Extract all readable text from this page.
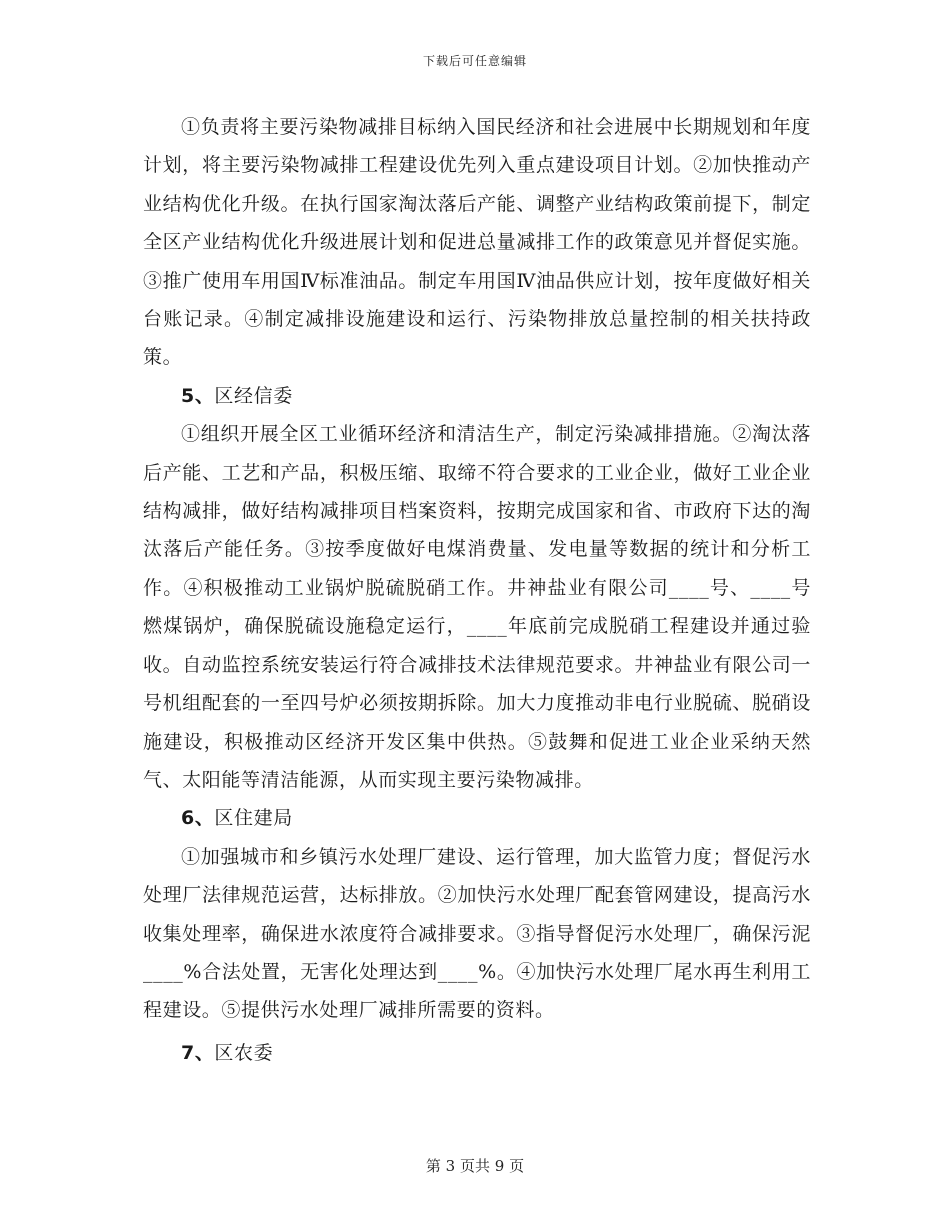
下载后可任意编辑

①负责将主要污染物减排目标纳入国民经济和社会进展中长期规划和年度计划，将主要污染物减排工程建设优先列入重点建设项目计划。②加快推动产业结构优化升级。在执行国家淘汰落后产能、调整产业结构政策前提下，制定全区产业结构优化升级进展计划和促进总量减排工作的政策意见并督促实施。③推广使用车用国Ⅳ标准油品。制定车用国Ⅳ油品供应计划，按年度做好相关台账记录。④制定减排设施建设和运行、污染物排放总量控制的相关扶持政策。

5、区经信委

①组织开展全区工业循环经济和清洁生产，制定污染减排措施。②淘汰落后产能、工艺和产品，积极压缩、取缔不符合要求的工业企业，做好工业企业结构减排，做好结构减排项目档案资料，按期完成国家和省、市政府下达的淘汰落后产能任务。③按季度做好电煤消费量、发电量等数据的统计和分析工作。④积极推动工业锅炉脱硫脱硝工作。井神盐业有限公司____号、____号燃煤锅炉，确保脱硫设施稳定运行，____年底前完成脱硝工程建设并通过验收。自动监控系统安装运行符合减排技术法律规范要求。井神盐业有限公司一号机组配套的一至四号炉必须按期拆除。加大力度推动非电行业脱硫、脱硝设施建设，积极推动区经济开发区集中供热。⑤鼓舞和促进工业企业采纳天然气、太阳能等清洁能源，从而实现主要污染物减排。

6、区住建局

①加强城市和乡镇污水处理厂建设、运行管理，加大监管力度；督促污水处理厂法律规范运营，达标排放。②加快污水处理厂配套管网建设，提高污水收集处理率，确保进水浓度符合减排要求。③指导督促污水处理厂，确保污泥____%合法处置，无害化处理达到____%。④加快污水处理厂尾水再生利用工程建设。⑤提供污水处理厂减排所需要的资料。

7、区农委

第 3 页共 9 页
